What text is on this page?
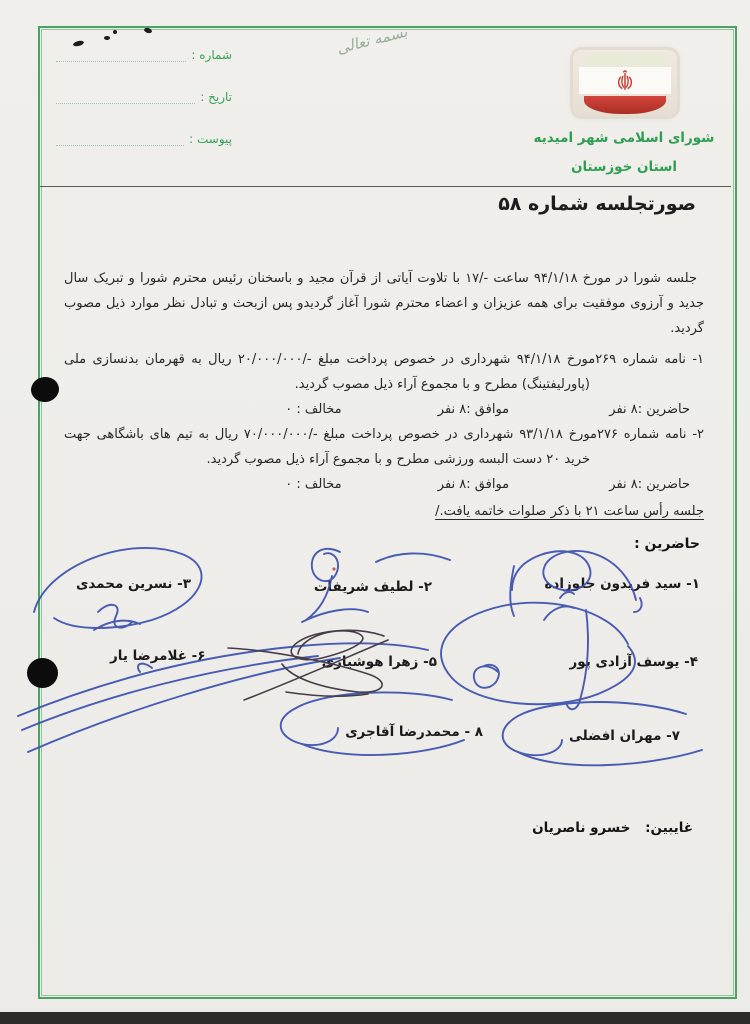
شماره :
تاریخ :
پیوست :
بسمه تعالی
شورای اسلامی شهر امیدیه
استان خوزستان
صورتجلسه شماره ۵۸

جلسه شورا در مورخ ۹۴/۱/۱۸ ساعت -/۱۷ با تلاوت آیاتی از قرآن مجید و باسخنان رئیس محترم شورا و تبریک سال جدید و آرزوی موفقیت برای همه عزیزان و اعضاء محترم شورا آغاز گردیدو پس ازبحث و تبادل نظر موارد ذیل مصوب گردید.

۱- نامه شماره ۲۶۹مورخ ۹۴/۱/۱۸ شهرداری در خصوص پرداخت مبلغ -/۲۰/۰۰۰/۰۰۰ ریال به قهرمان بدنسازی ملی
(پاورلیفتینگ) مطرح و با مجموع آراء ذیل مصوب گردید.
حاضرین :۸ نفر موافق :۸ نفر مخالف : ۰
۲- نامه شماره ۲۷۶مورخ ۹۳/۱/۱۸ شهرداری در خصوص پرداخت مبلغ -/۷۰/۰۰۰/۰۰۰ ریال به تیم های باشگاهی جهت
خرید ۲۰ دست البسه ورزشی مطرح و با مجموع آراء ذیل مصوب گردید.
حاضرین :۸ نفر موافق :۸ نفر مخالف : ۰
جلسه رأس ساعت ۲۱ با ذکر صلوات خاتمه یافت./
حاضرین :
۱- سید فریدون جلوزاده
۲- لطیف شریفات
۳- نسرین محمدی
۴- یوسف آزادی پور
۵- زهرا هوشیاری
۶- غلامرضا یار
۷- مهران افضلی
۸ - محمدرضا آقاجری
غایبین: خسرو ناصریان
